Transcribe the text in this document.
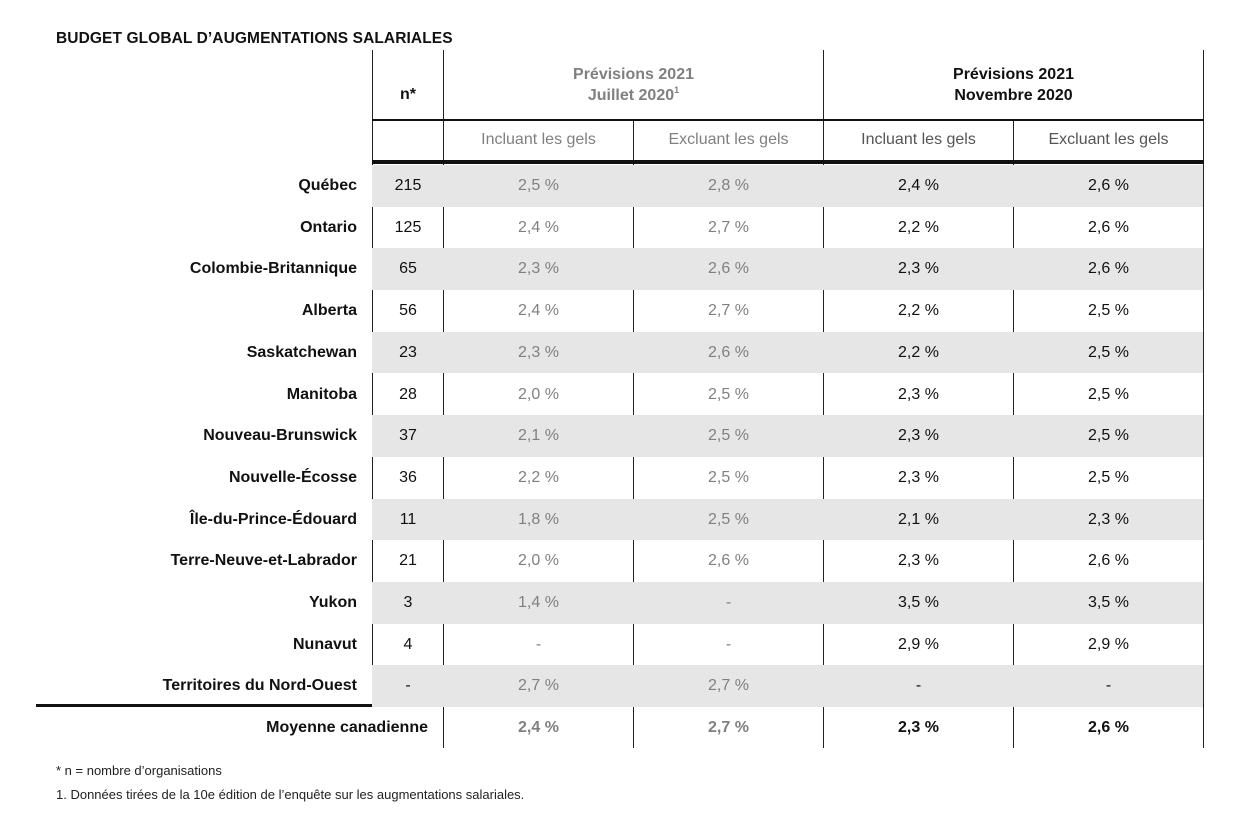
BUDGET GLOBAL D’AUGMENTATIONS SALARIALES
n*
Prévisions 2021
Juillet 2020$^1$
Prévisions 2021
Novembre 2020
Incluant les gels	Excluant les gels	Incluant les gels	Excluant les gels
Québec	215	2,5 %	2,8 %	2,4 %	2,6 %
Ontario	125	2,4 %	2,7 %	2,2 %	2,6 %
Colombie-Britannique	65	2,3 %	2,6 %	2,3 %	2,6 %
Alberta	56	2,4 %	2,7 %	2,2 %	2,5 %
Saskatchewan	23	2,3 %	2,6 %	2,2 %	2,5 %
Manitoba	28	2,0 %	2,5 %	2,3 %	2,5 %
Nouveau-Brunswick	37	2,1 %	2,5 %	2,3 %	2,5 %
Nouvelle-Écosse	36	2,2 %	2,5 %	2,3 %	2,5 %
Île-du-Prince-Édouard	11	1,8 %	2,5 %	2,1 %	2,3 %
Terre-Neuve-et-Labrador	21	2,0 %	2,6 %	2,3 %	2,6 %
Yukon	3	1,4 %	-	3,5 %	3,5 %
Nunavut	4	-	-	2,9 %	2,9 %
Territoires du Nord-Ouest	-	2,7 %	2,7 %	-	-
Moyenne canadienne	2,4 %	2,7 %	2,3 %	2,6 %
* n = nombre d’organisations
1. Données tirées de la 10e édition de l’enquête sur les augmentations salariales.
